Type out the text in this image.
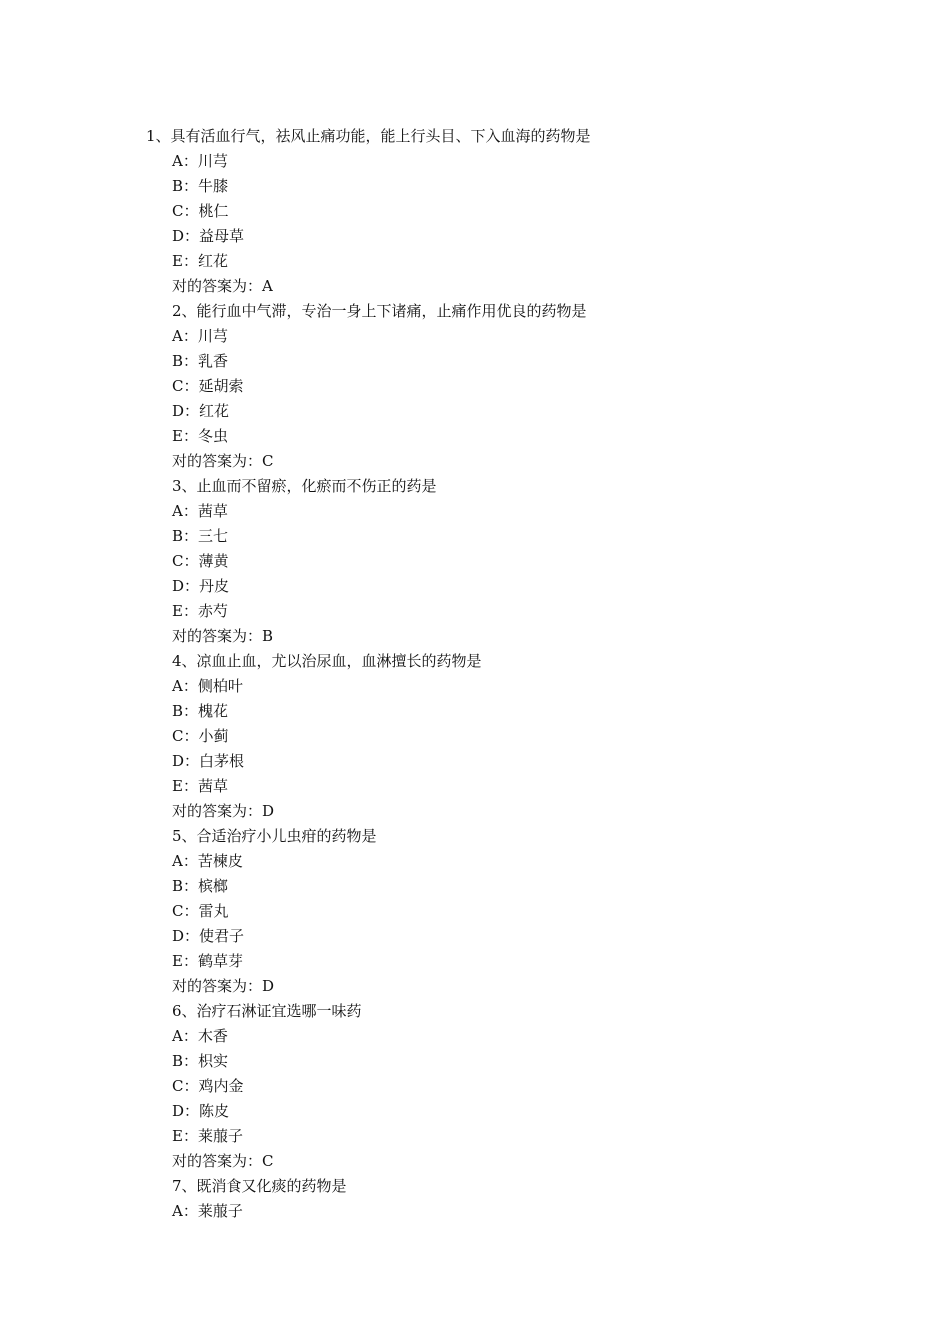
1、具有活血行气，祛风止痛功能，能上行头目、下入血海的药物是
A：川芎
B：牛膝
C：桃仁
D：益母草
E：红花
对的答案为：A
2、能行血中气滞，专治一身上下诸痛，止痛作用优良的药物是
A：川芎
B：乳香
C：延胡索
D：红花
E：冬虫
对的答案为：C
3、止血而不留瘀，化瘀而不伤正的药是
A：茜草
B：三七
C：薄黄
D：丹皮
E：赤芍
对的答案为：B
4、凉血止血，尤以治尿血，血淋擅长的药物是
A：侧柏叶
B：槐花
C：小蓟
D：白茅根
E：茜草
对的答案为：D
5、合适治疗小儿虫疳的药物是
A：苦楝皮
B：槟榔
C：雷丸
D：使君子
E：鹤草芽
对的答案为：D
6、治疗石淋证宜选哪一味药
A：木香
B：枳实
C：鸡内金
D：陈皮
E：莱菔子
对的答案为：C
7、既消食又化痰的药物是
A：莱菔子
